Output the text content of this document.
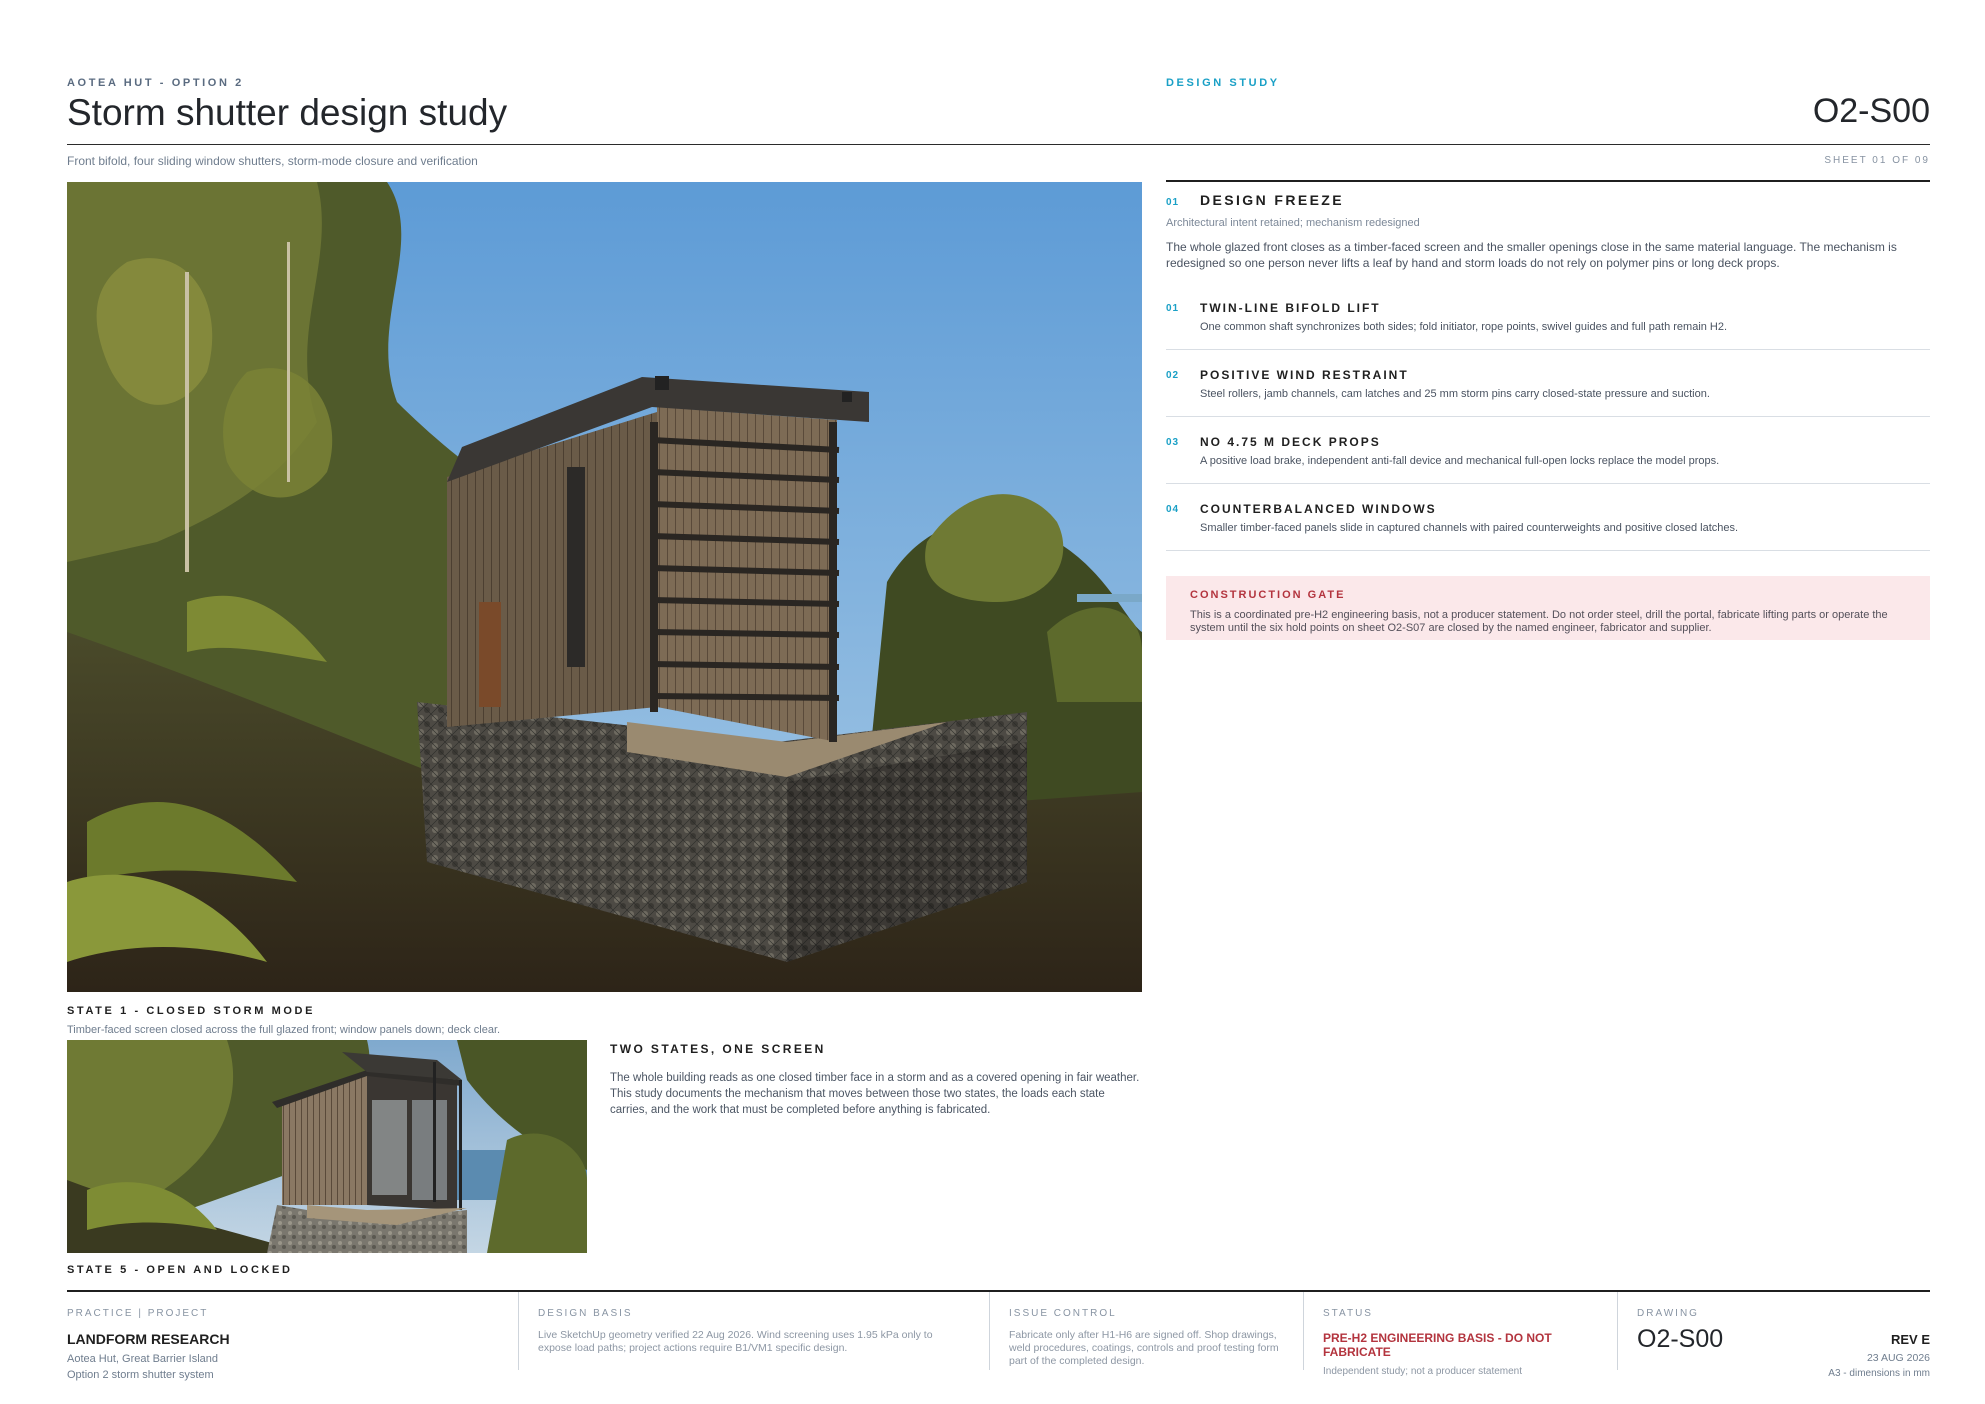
AOTEA HUT - OPTION 2	DESIGN STUDY
Storm shutter design study	O2-S00
Front bifold, four sliding window shutters, storm-mode closure and verification	SHEET 01 OF 09
STATE 1 - CLOSED STORM MODE
Timber-faced screen closed across the full glazed front; window panels down; deck clear.
STATE 5 - OPEN AND LOCKED
TWO STATES, ONE SCREEN

The whole building reads as one closed timber face in a storm and as a covered opening in fair weather. This study documents the mechanism that moves between those two states, the loads each state carries, and the work that must be completed before anything is fabricated.

01	DESIGN FREEZE
Architectural intent retained; mechanism redesigned
The whole glazed front closes as a timber-faced screen and the smaller openings close in the same material language. The mechanism is redesigned so one person never lifts a leaf by hand and storm loads do not rely on polymer pins or long deck props.
01	TWIN-LINE BIFOLD LIFT
One common shaft synchronizes both sides; fold initiator, rope points, swivel guides and full path remain H2.
02	POSITIVE WIND RESTRAINT
Steel rollers, jamb channels, cam latches and 25 mm storm pins carry closed-state pressure and suction.
03	NO 4.75 M DECK PROPS
A positive load brake, independent anti-fall device and mechanical full-open locks replace the model props.
04	COUNTERBALANCED WINDOWS
Smaller timber-faced panels slide in captured channels with paired counterweights and positive closed latches.
CONSTRUCTION GATE
This is a coordinated pre-H2 engineering basis, not a producer statement. Do not order steel, drill the portal, fabricate lifting parts or operate the system until the six hold points on sheet O2-S07 are closed by the named engineer, fabricator and supplier.
PRACTICE | PROJECT
LANDFORM RESEARCH
Aotea Hut, Great Barrier Island
Option 2 storm shutter system
DESIGN BASIS
Live SketchUp geometry verified 22 Aug 2026. Wind screening uses 1.95 kPa only to expose load paths; project actions require B1/VM1 specific design.
ISSUE CONTROL
Fabricate only after H1-H6 are signed off. Shop drawings, weld procedures, coatings, controls and proof testing form part of the completed design.
STATUS
PRE-H2 ENGINEERING BASIS - DO NOT FABRICATE
Independent study; not a producer statement
DRAWING
O2-S00	REV E
23 AUG 2026
A3 - dimensions in mm
